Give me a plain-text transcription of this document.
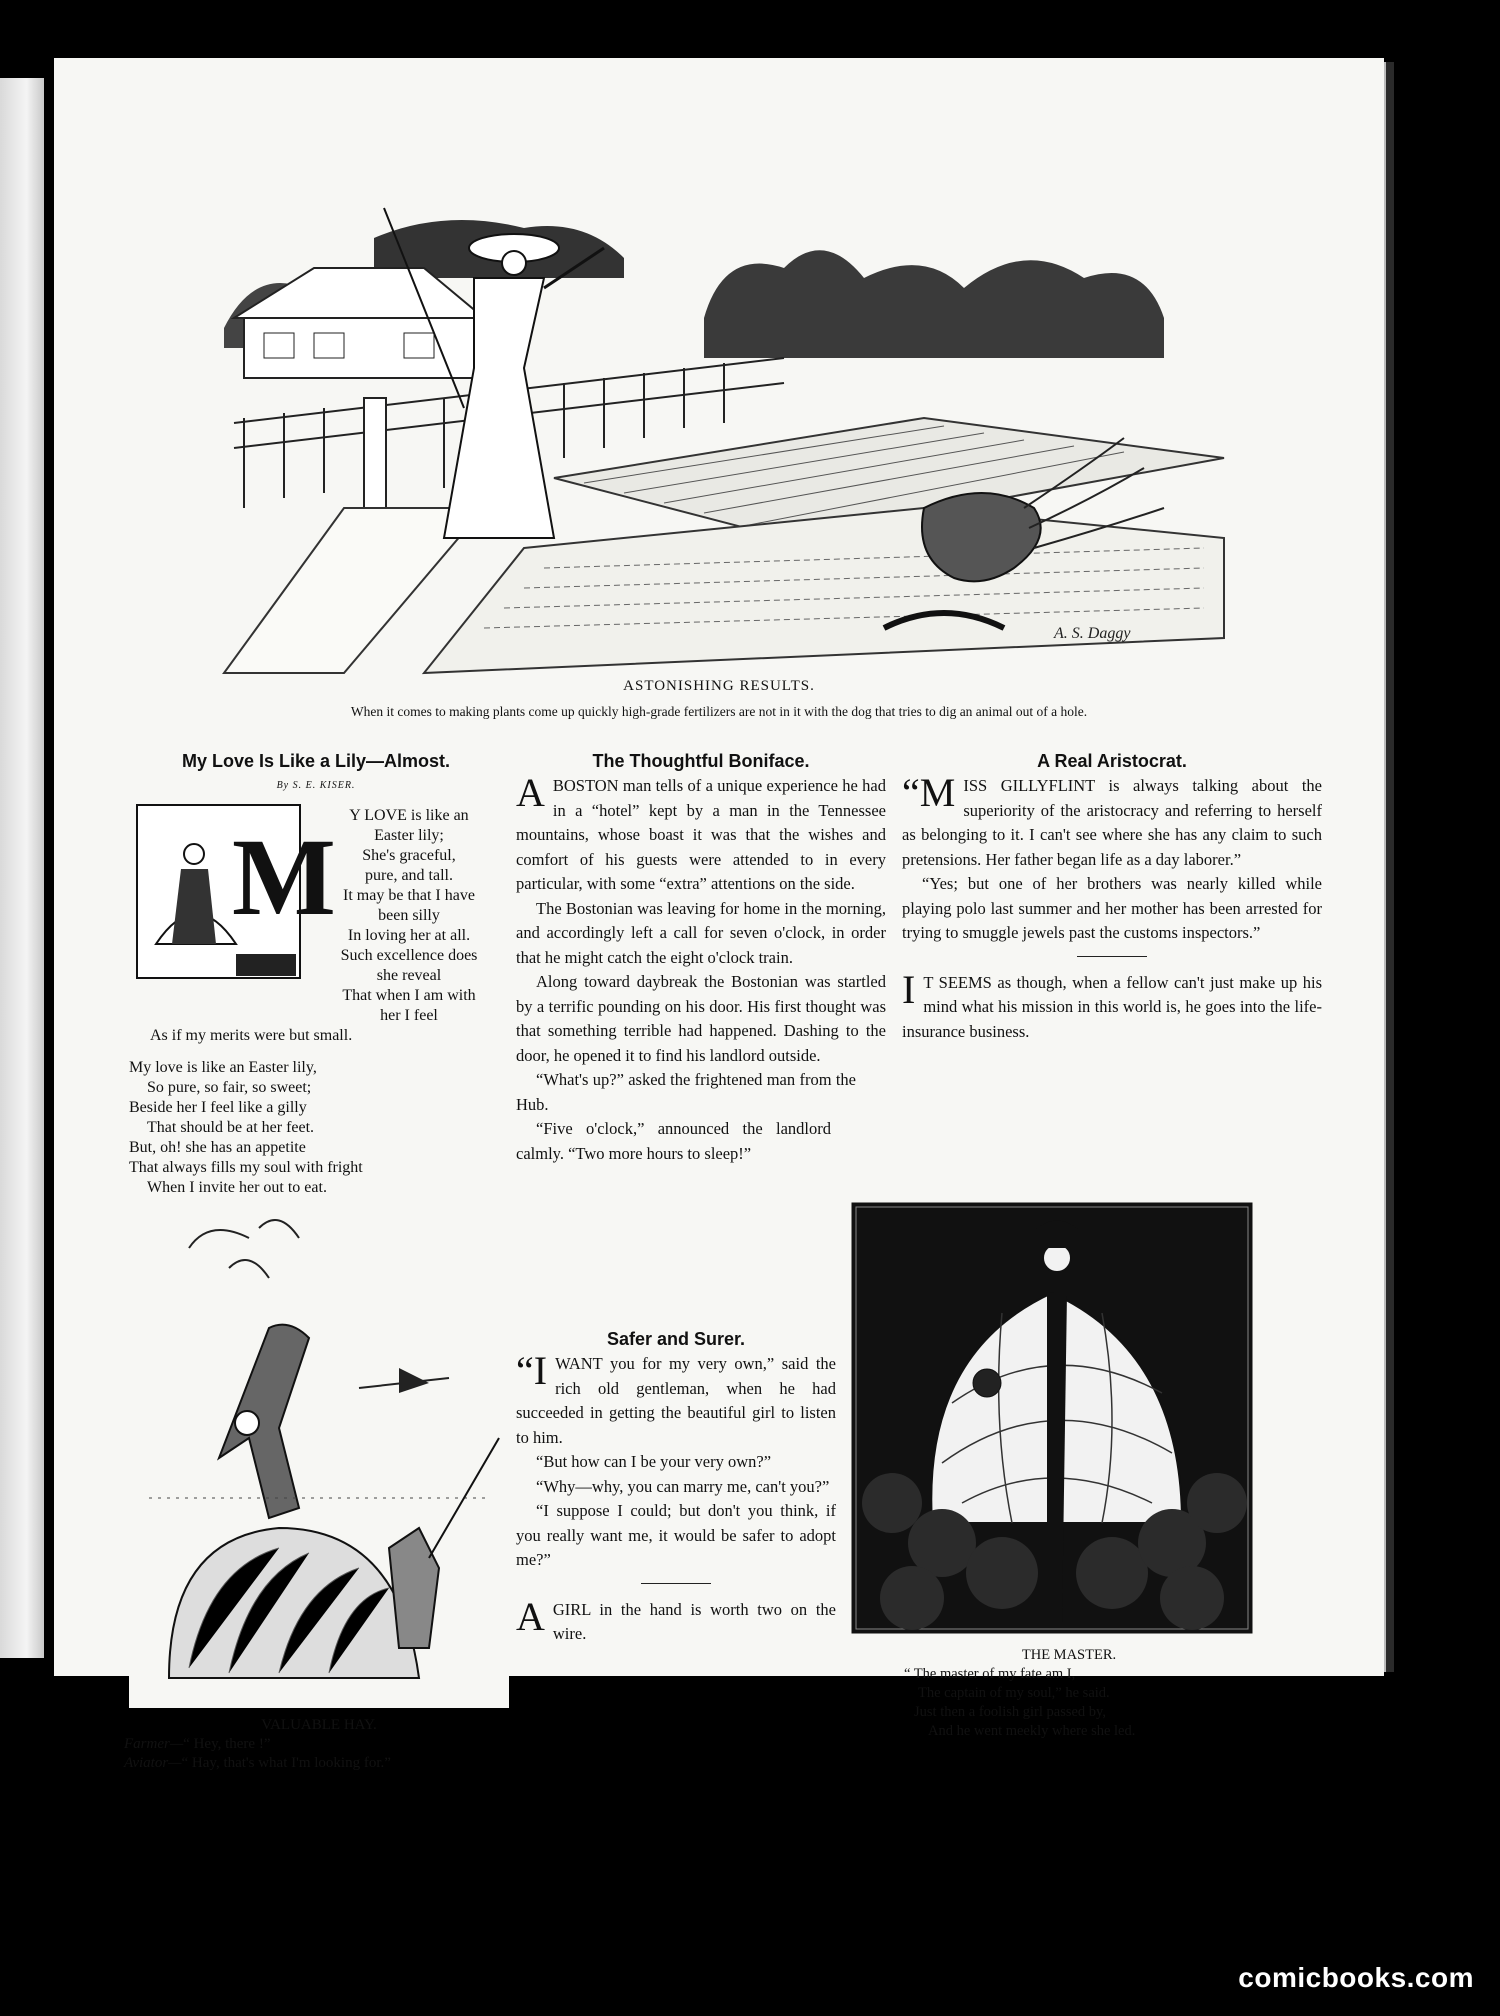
A. S. Daggy
ASTONISHING RESULTS.
When it comes to making plants come up quickly high-grade fertilizers are not in it with the dog that tries to dig an animal out of a hole.
My Love Is Like a Lily—Almost.
By S. E. KISER.
M
Y LOVE is like an
Easter lily;
She's graceful,
pure, and tall.
It may be that I have
been silly
In loving her at all.
Such excellence does
she reveal
That when I am with
her I feel
As if my merits were but small.
My love is like an Easter lily,
So pure, so fair, so sweet;
Beside her I feel like a gilly
That should be at her feet.
But, oh! she has an appetite
That always fills my soul with fright
When I invite her out to eat.
VALUABLE HAY.
Farmer—“ Hey, there !”
Aviator—“ Hay, that's what I'm looking for.”
The Thoughtful Boniface.

ABOSTON man tells of a unique experience he had in a “hotel” kept by a man in the Tennessee mountains, whose boast it was that the wishes and comfort of his guests were attended to in every particular, with some “extra” attentions on the side.

The Bostonian was leaving for home in the morning, and accordingly left a call for seven o'clock, in order that he might catch the eight o'clock train.

Along toward daybreak the Bostonian was startled by a terrific pounding on his door. His first thought was that something terrible had happened. Dashing to the door, he opened it to find his landlord outside.

“What's up?” asked the frightened man from the Hub.

“Five o'clock,” announced the landlord calmly. “Two more hours to sleep!”

Safer and Surer.

“IWANT you for my very own,” said the rich old gentleman, when he had succeeded in getting the beautiful girl to listen to him.

“But how can I be your very own?”

“Why—why, you can marry me, can't you?”

“I suppose I could; but don't you think, if you really want me, it would be safer to adopt me?”

AGIRL in the hand is worth two on the wire.

A Real Aristocrat.

“MISS GILLYFLINT is always talking about the superiority of the aristocracy and referring to herself as belonging to it. I can't see where she has any claim to such pretensions. Her father began life as a day laborer.”

“Yes; but one of her brothers was nearly killed while playing polo last summer and her mother has been arrested for trying to smuggle jewels past the customs inspectors.”

I T SEEMS as though, when a fellow can't just make up his mind what his mission in this world is, he goes into the life-insurance business.

THE MASTER.
“ The master of my fate am I,
The captain of my soul,” he said.
Just then a foolish girl passed by,
And he went meekly where she led.
comicbooks.com
